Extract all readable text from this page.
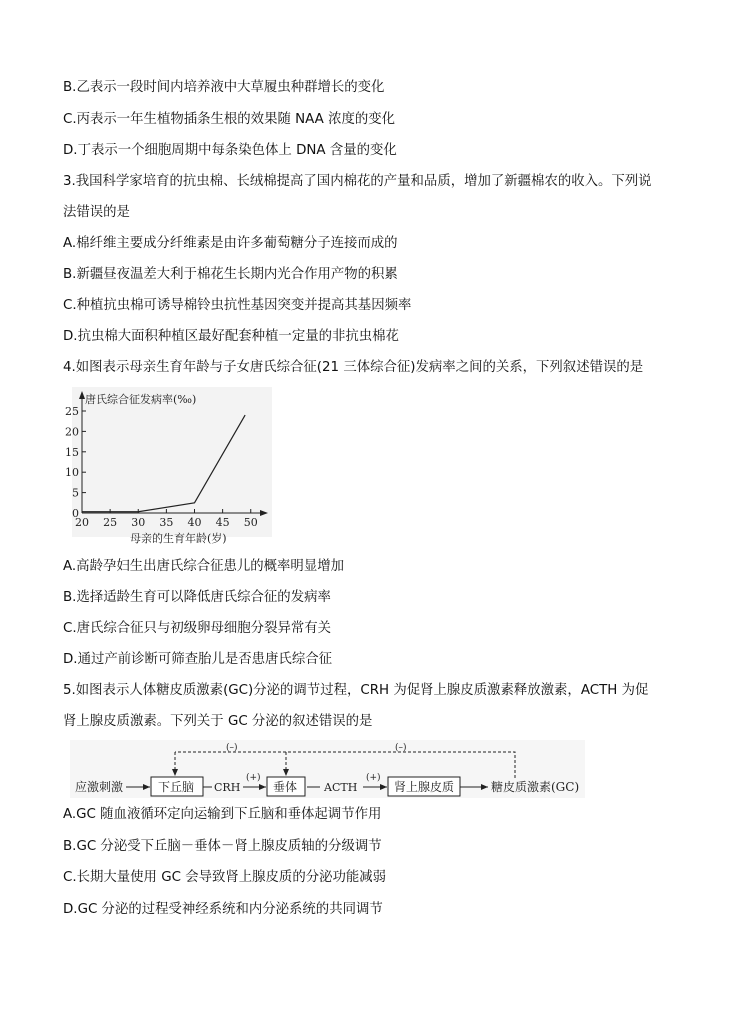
B.乙表示一段时间内培养液中大草履虫种群增长的变化
C.丙表示一年生植物插条生根的效果随 NAA 浓度的变化
D.丁表示一个细胞周期中每条染色体上 DNA 含量的变化
3.我国科学家培育的抗虫棉、长绒棉提高了国内棉花的产量和品质，增加了新疆棉农的收入。下列说
法错误的是
A.棉纤维主要成分纤维素是由许多葡萄糖分子连接而成的
B.新疆昼夜温差大利于棉花生长期内光合作用产物的积累
C.种植抗虫棉可诱导棉铃虫抗性基因突变并提高其基因频率
D.抗虫棉大面积种植区最好配套种植一定量的非抗虫棉花
4.如图表示母亲生育年龄与子女唐氏综合征(21 三体综合征)发病率之间的关系，下列叙述错误的是
唐氏综合征发病率(‰)
0
5
10
15
20
25
20 25 30 35 40 45 50
母亲的生育年龄(岁)
A.高龄孕妇生出唐氏综合征患儿的概率明显增加
B.选择适龄生育可以降低唐氏综合征的发病率
C.唐氏综合征只与初级卵母细胞分裂异常有关
D.通过产前诊断可筛查胎儿是否患唐氏综合征
5.如图表示人体糖皮质激素(GC)分泌的调节过程，CRH 为促肾上腺皮质激素释放激素，ACTH 为促
肾上腺皮质激素。下列关于 GC 分泌的叙述错误的是
应激刺激	下丘脑 CRH
(+)
垂体 ACTH
(+)
肾上腺皮质	糖皮质激素(GC)
(–)	(–)
A.GC 随血液循环定向运输到下丘脑和垂体起调节作用
B.GC 分泌受下丘脑－垂体－肾上腺皮质轴的分级调节
C.长期大量使用 GC 会导致肾上腺皮质的分泌功能减弱
D.GC 分泌的过程受神经系统和内分泌系统的共同调节
